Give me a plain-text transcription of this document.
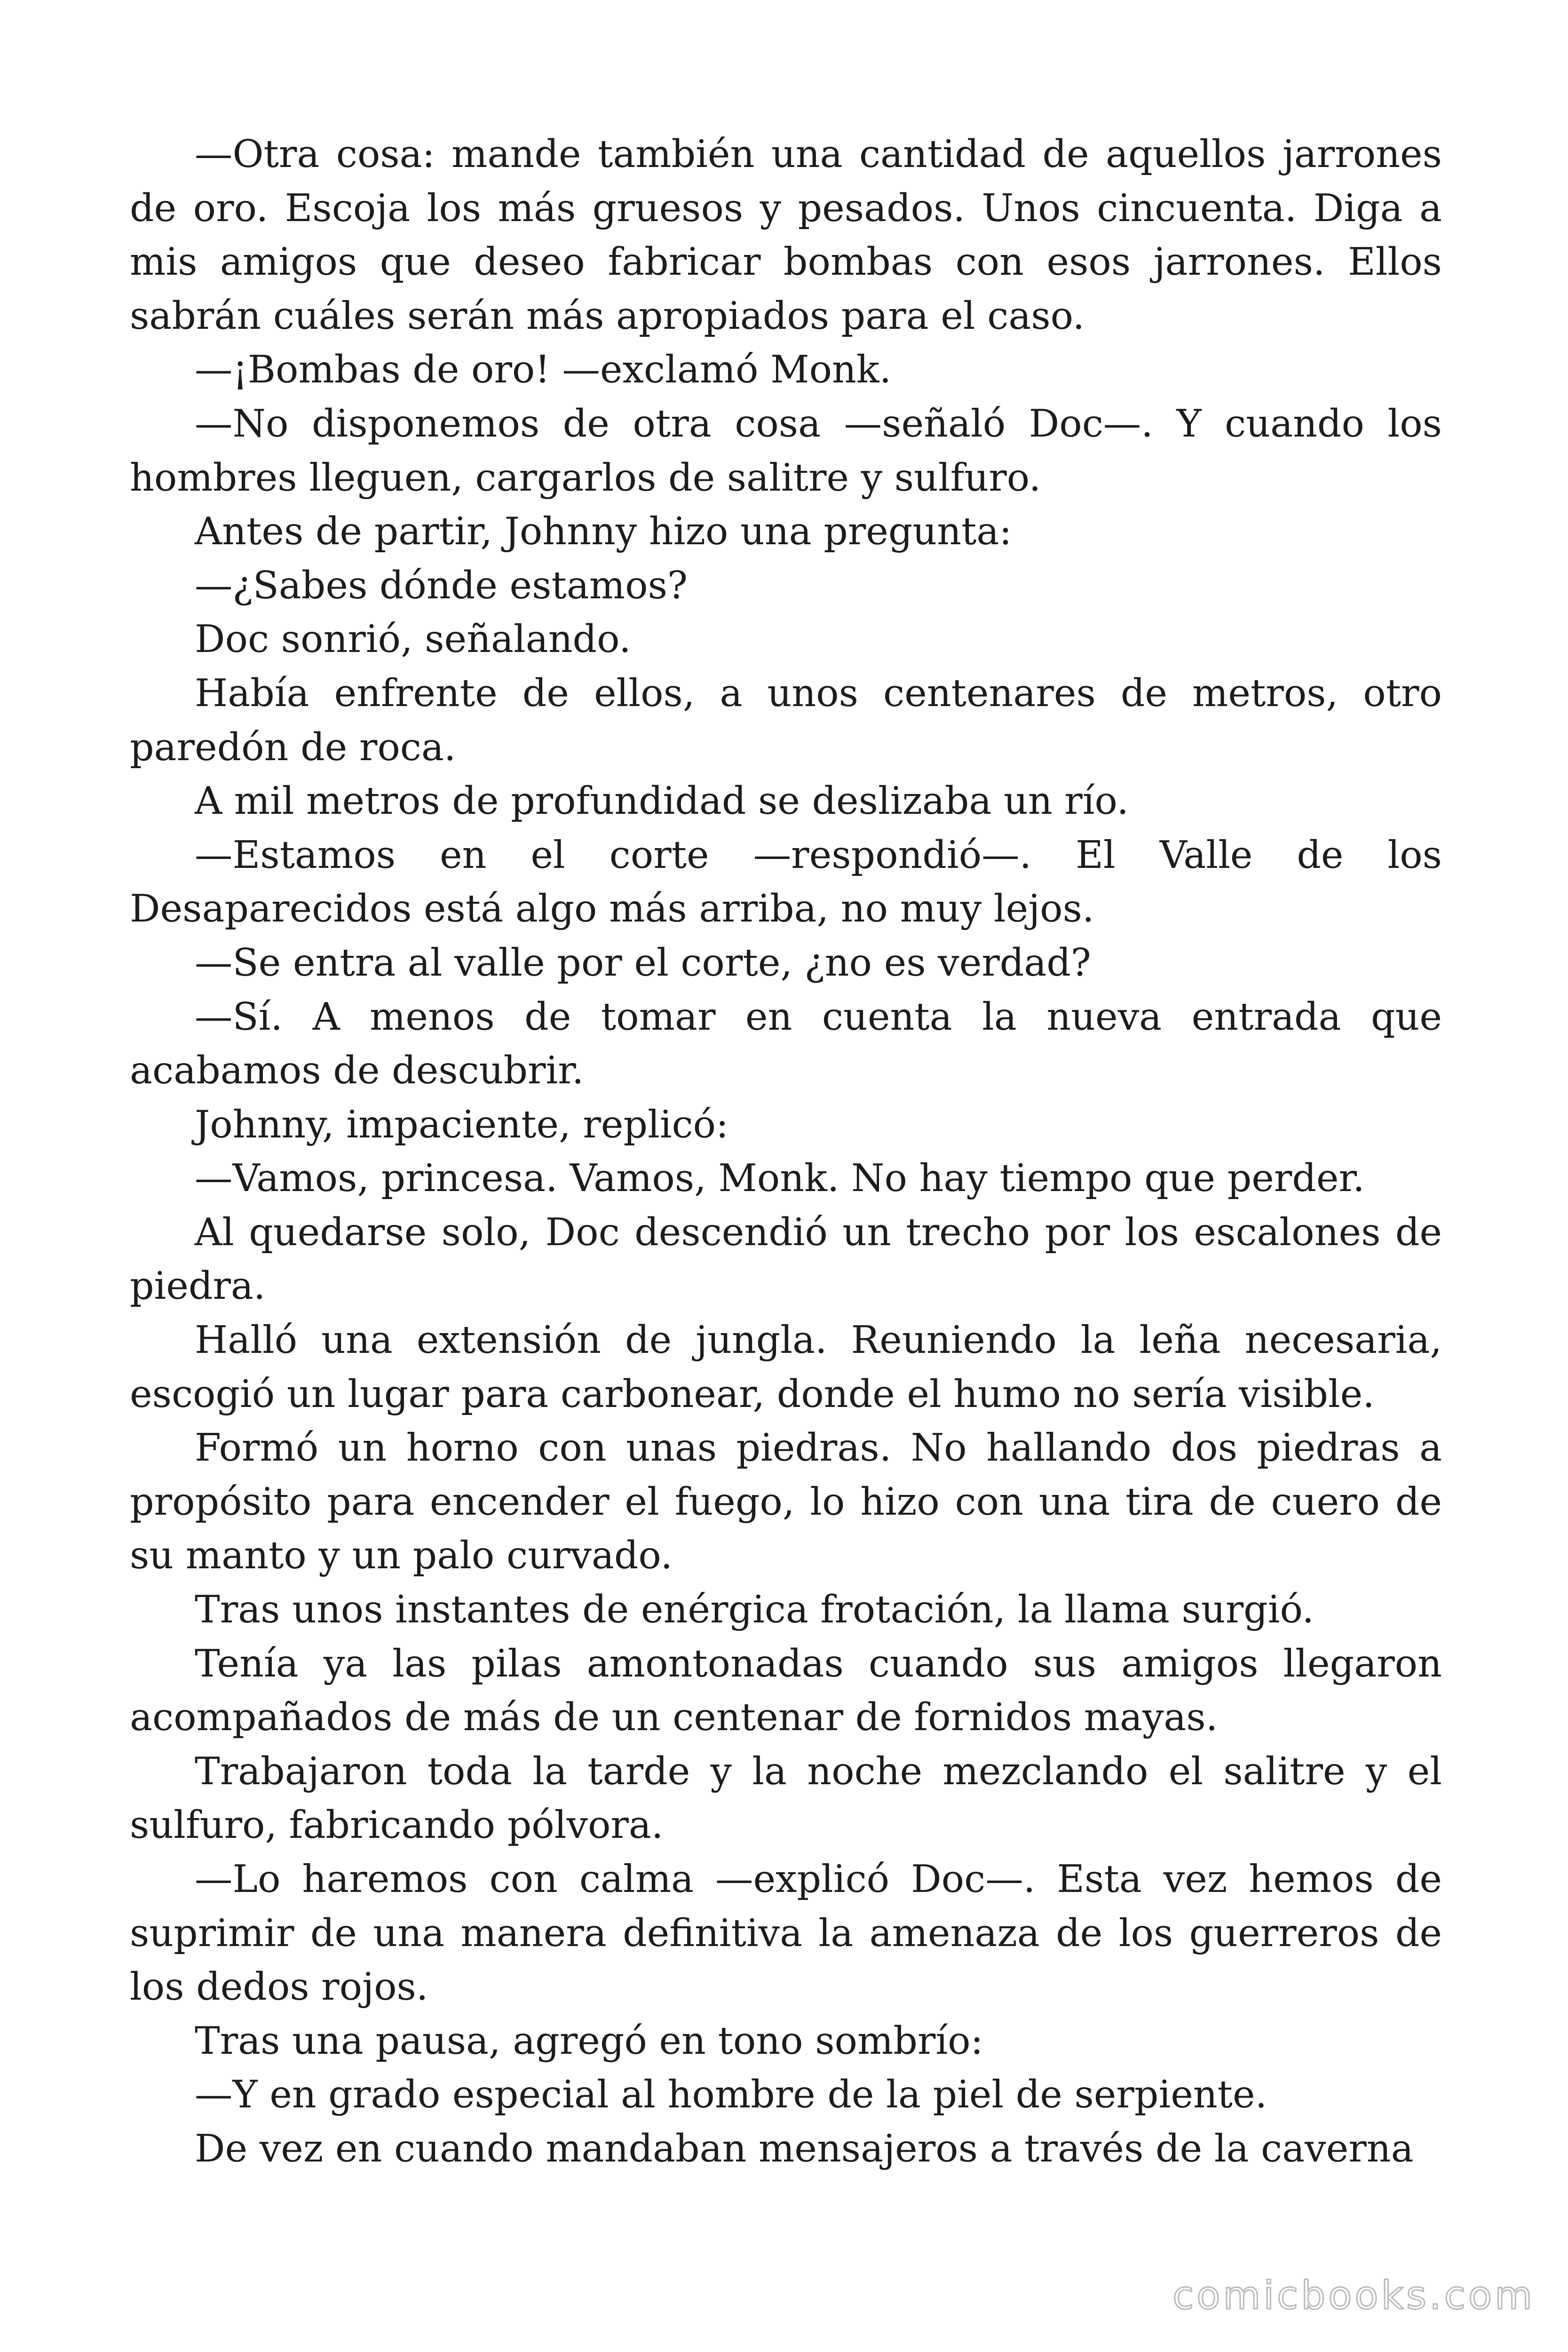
—Otra cosa: mande también una cantidad de aquellos jarrones de oro. Escoja los más gruesos y pesados. Unos cincuenta. Diga a mis amigos que deseo fabricar bombas con esos jarrones. Ellos sabrán cuáles serán más apropiados para el caso.

—¡Bombas de oro! —exclamó Monk.

—No disponemos de otra cosa —señaló Doc—. Y cuando los hombres lleguen, cargarlos de salitre y sulfuro.

Antes de partir, Johnny hizo una pregunta:

—¿Sabes dónde estamos?

Doc sonrió, señalando.

Había enfrente de ellos, a unos centenares de metros, otro paredón de roca.

A mil metros de profundidad se deslizaba un río.

—Estamos en el corte —respondió—. El Valle de los Desaparecidos está algo más arriba, no muy lejos.

—Se entra al valle por el corte, ¿no es verdad?

—Sí. A menos de tomar en cuenta la nueva entrada que acabamos de descubrir.

Johnny, impaciente, replicó:

—Vamos, princesa. Vamos, Monk. No hay tiempo que perder.

Al quedarse solo, Doc descendió un trecho por los escalones de piedra.

Halló una extensión de jungla. Reuniendo la leña necesaria, escogió un lugar para carbonear, donde el humo no sería visible.

Formó un horno con unas piedras. No hallando dos piedras a propósito para encender el fuego, lo hizo con una tira de cuero de su manto y un palo curvado.

Tras unos instantes de enérgica frotación, la llama surgió.

Tenía ya las pilas amontonadas cuando sus amigos llegaron acompañados de más de un centenar de fornidos mayas.

Trabajaron toda la tarde y la noche mezclando el salitre y el sulfuro, fabricando pólvora.

—Lo haremos con calma —explicó Doc—. Esta vez hemos de suprimir de una manera definitiva la amenaza de los guerreros de los dedos rojos.

Tras una pausa, agregó en tono sombrío:

—Y en grado especial al hombre de la piel de serpiente.

De vez en cuando mandaban mensajeros a través de la caverna

comicbooks.com
